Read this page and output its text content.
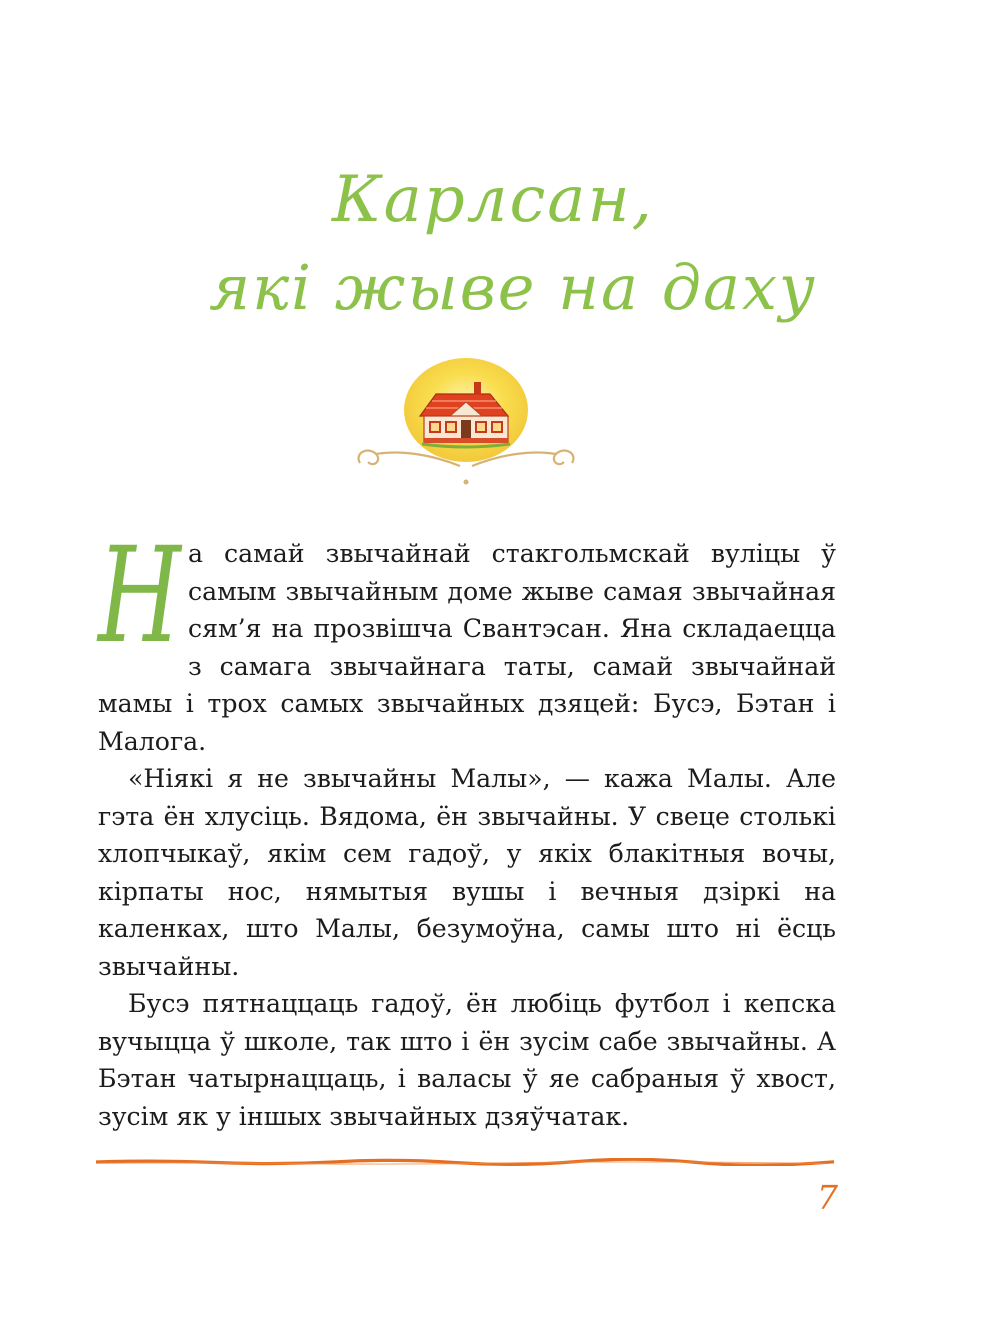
Карлсан,
які жыве на даху

На самай звычайнай стакгольмскай вуліцы ў самым звычайным доме жыве самая звычайная сям’я на прозвішча Свантэсан. Яна складаецца з самага звычайнага таты, самай звычайнай мамы і трох самых звычайных дзяцей: Бусэ, Бэтан і Малога.

«Ніякі я не звычайны Малы», — кажа Малы. Але гэта ён хлусіць. Вядома, ён звычайны. У свеце столькі хлопчыкаў, якім сем гадоў, у якіх блакітныя вочы, кірпаты нос, нямытыя вушы і вечныя дзіркі на каленках, што Малы, безумоўна, самы што ні ёсць звычайны.

Бусэ пятнаццаць гадоў, ён любіць футбол і кепска вучыцца ў школе, так што і ён зусім сабе звычайны. А Бэтан чатырнаццаць, і валасы ў яе сабраныя ў хвост, зусім як у іншых звычайных дзяўчатак.

7
